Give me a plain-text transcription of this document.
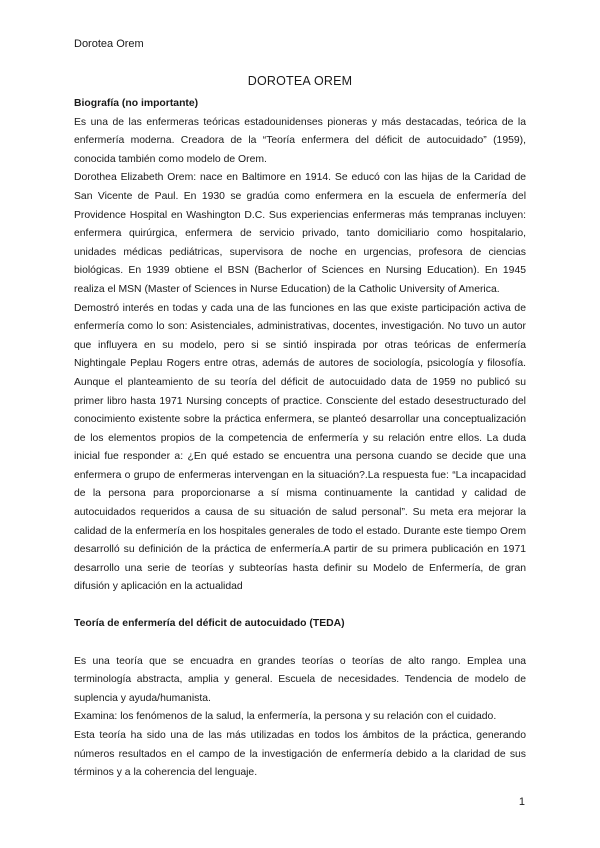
Dorotea Orem
DOROTEA OREM
Biografía (no importante)

Es una de las enfermeras teóricas estadounidenses pioneras y más destacadas, teórica de la enfermería moderna. Creadora de la “Teoría enfermera del déficit de autocuidado” (1959), conocida también como modelo de Orem.

Dorothea Elizabeth Orem: nace en Baltimore en 1914. Se educó con las hijas de la Caridad de San Vicente de Paul. En 1930 se gradúa como enfermera en la escuela de enfermería del Providence Hospital en Washington D.C. Sus experiencias enfermeras más tempranas incluyen: enfermera quirúrgica, enfermera de servicio privado, tanto domiciliario como hospitalario, unidades médicas pediátricas, supervisora de noche en urgencias, profesora de ciencias biológicas. En 1939 obtiene el BSN (Bacherlor of Sciences en Nursing Education). En 1945 realiza el MSN (Master of Sciences in Nurse Education) de la Catholic University of America.

Demostró interés en todas y cada una de las funciones en las que existe participación activa de enfermería como lo son: Asistenciales, administrativas, docentes, investigación. No tuvo un autor que influyera en su modelo, pero si se sintió inspirada por otras teóricas de enfermería Nightingale Peplau Rogers entre otras, además de autores de sociología, psicología y filosofía. Aunque el planteamiento de su teoría del déficit de autocuidado data de 1959 no publicó su primer libro hasta 1971 Nursing concepts of practice. Consciente del estado desestructurado del conocimiento existente sobre la práctica enfermera, se planteó desarrollar una conceptualización de los elementos propios de la competencia de enfermería y su relación entre ellos. La duda inicial fue responder a: ¿En qué estado se encuentra una persona cuando se decide que una enfermera o grupo de enfermeras intervengan en la situación?.La respuesta fue: “La incapacidad de la persona para proporcionarse a sí misma continuamente la cantidad y calidad de autocuidados requeridos a causa de su situación de salud personal”. Su meta era mejorar la calidad de la enfermería en los hospitales generales de todo el estado. Durante este tiempo Orem desarrolló su definición de la práctica de enfermería.A partir de su primera publicación en 1971 desarrollo una serie de teorías y subteorías hasta definir su Modelo de Enfermería, de gran difusión y aplicación en la actualidad

Teoría de enfermería del déficit de autocuidado (TEDA)

Es una teoría que se encuadra en grandes teorías o teorías de alto rango. Emplea una terminología abstracta, amplia y general. Escuela de necesidades. Tendencia de modelo de suplencia y ayuda/humanista.

Examina: los fenómenos de la salud, la enfermería, la persona y su relación con el cuidado.

Esta teoría ha sido una de las más utilizadas en todos los ámbitos de la práctica, generando números resultados en el campo de la investigación de enfermería debido a la claridad de sus términos y a la coherencia del lenguaje.

1
